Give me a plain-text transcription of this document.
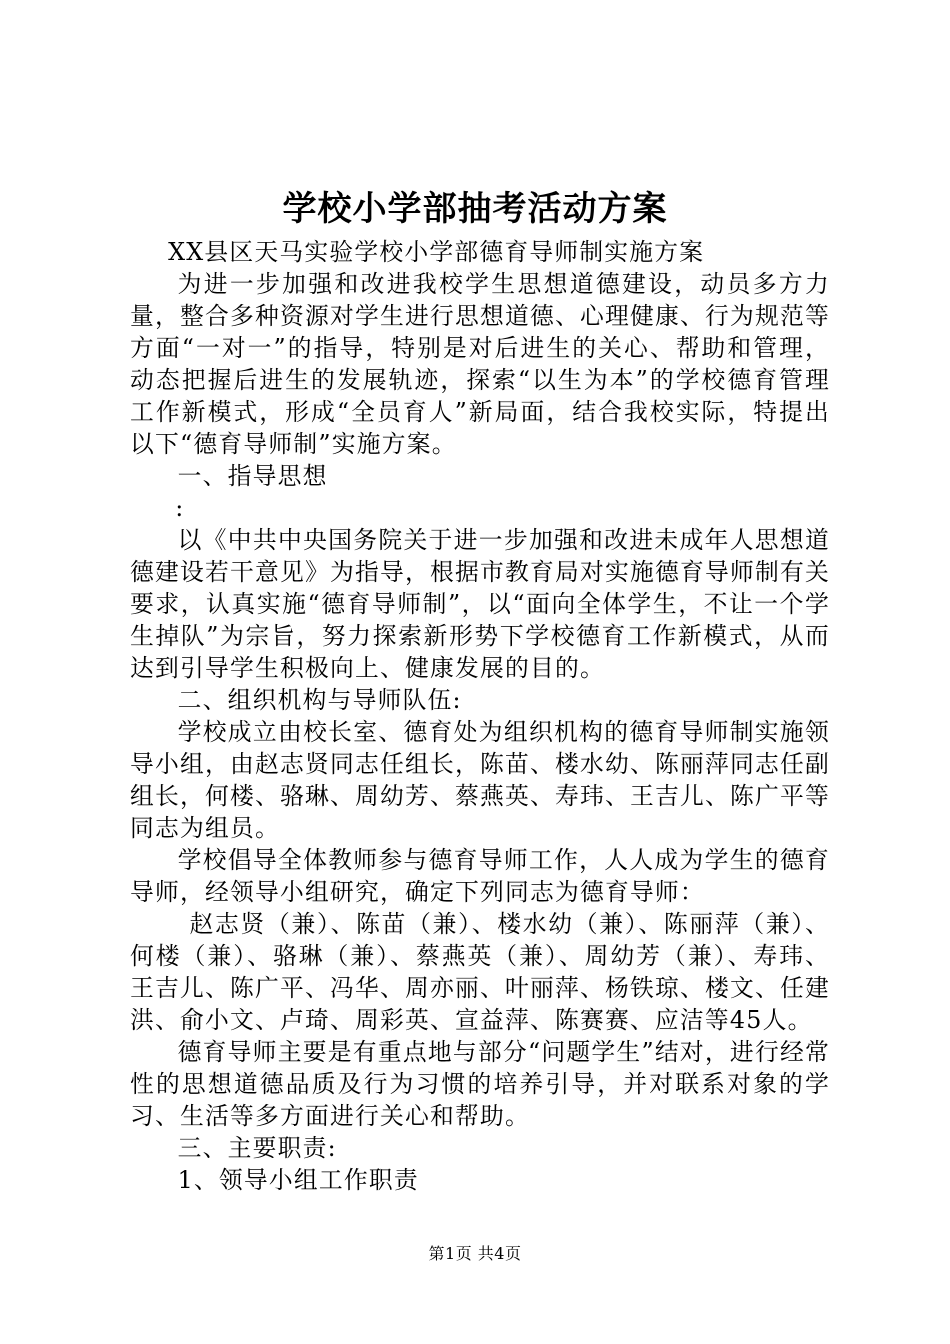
学校小学部抽考活动方案

XX县区天马实验学校小学部德育导师制实施方案

为进一步加强和改进我校学生思想道德建设，动员多方力量，整合多种资源对学生进行思想道德、心理健康、行为规范等方面“一对一”的指导，特别是对后进生的关心、帮助和管理，动态把握后进生的发展轨迹，探索“以生为本”的学校德育管理工作新模式，形成“全员育人”新局面，结合我校实际，特提出以下“德育导师制”实施方案。

一、指导思想

:

以《中共中央国务院关于进一步加强和改进未成年人思想道德建设若干意见》为指导，根据市教育局对实施德育导师制有关要求，认真实施“德育导师制”，以“面向全体学生，不让一个学生掉队”为宗旨，努力探索新形势下学校德育工作新模式，从而达到引导学生积极向上、健康发展的目的。

二、组织机构与导师队伍:

学校成立由校长室、德育处为组织机构的德育导师制实施领导小组，由赵志贤同志任组长，陈苗、楼水幼、陈丽萍同志任副组长，何楼、骆琳、周幼芳、蔡燕英、寿玮、王吉儿、陈广平等同志为组员。

学校倡导全体教师参与德育导师工作，人人成为学生的德育导师，经领导小组研究，确定下列同志为德育导师：

赵志贤（兼）、陈苗（兼）、楼水幼（兼）、陈丽萍（兼）、何楼（兼）、骆琳（兼）、蔡燕英（兼）、周幼芳（兼）、寿玮、王吉儿、陈广平、冯华、周亦丽、叶丽萍、杨铁琼、楼文、任建洪、俞小文、卢琦、周彩英、宣益萍、陈赛赛、应洁等45人。

德育导师主要是有重点地与部分“问题学生”结对，进行经常性的思想道德品质及行为习惯的培养引导，并对联系对象的学习、生活等多方面进行关心和帮助。

三、主要职责:

1、领导小组工作职责

第1页 共4页
